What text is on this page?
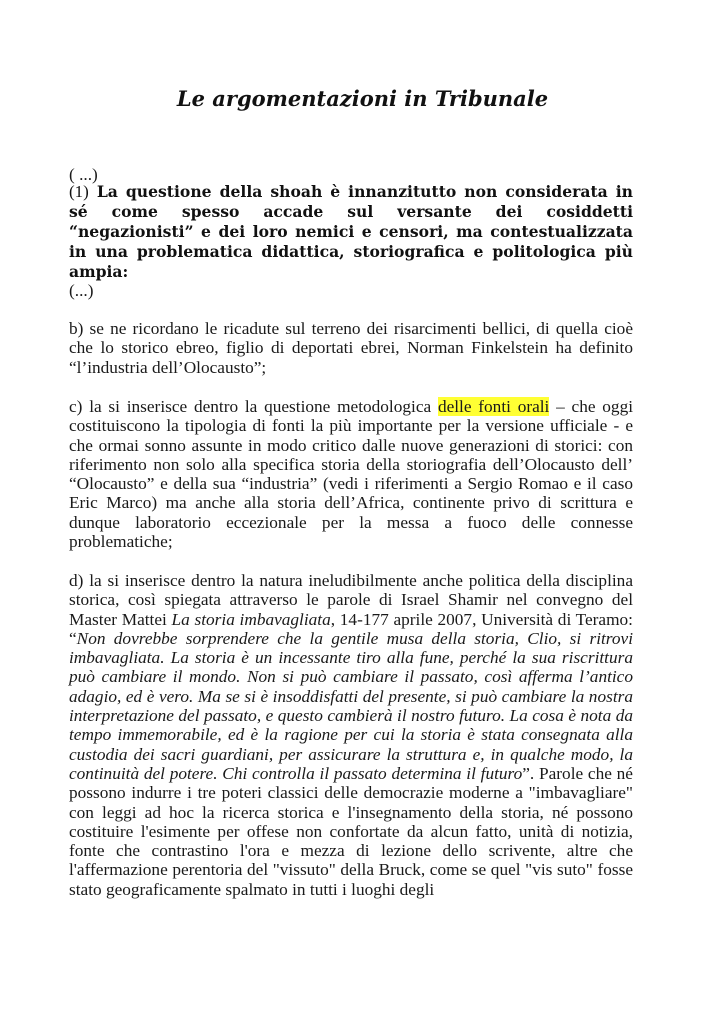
Le argomentazioni in Tribunale
( ...)
(1) La questione della shoah è innanzitutto non considerata in sé come spesso accade sul versante dei cosiddetti “negazionisti” e dei loro nemici e censori, ma contestualizzata in una problematica didattica, storiografica e politologica più ampia:
(...)
b) se ne ricordano le ricadute sul terreno dei risarcimenti bellici, di quella cioè che lo storico ebreo, figlio di deportati ebrei, Norman Finkelstein ha definito “l’industria dell’Olocausto”;
c) la si inserisce dentro la questione metodologica delle fonti orali – che oggi costituiscono la tipologia di fonti la più importante per la versione ufficiale - e che ormai sonno assunte in modo critico dalle nuove generazioni di storici: con riferimento non solo alla specifica storia della storiografia dell’Olocausto dell’ “Olocausto” e della sua “industria” (vedi i riferimenti a Sergio Romao e il caso Eric Marco) ma anche alla storia dell’Africa, continente privo di scrittura e dunque laboratorio eccezionale per la messa a fuoco delle connesse problematiche;
d) la si inserisce dentro la natura ineludibilmente anche politica della disciplina storica, così spiegata attraverso le parole di Israel Shamir nel convegno del Master Mattei La storia imbavagliata, 14-177 aprile 2007, Università di Teramo: “Non dovrebbe sorprendere che la gentile musa della storia, Clio, si ritrovi imbavagliata. La storia è un incessante tiro alla fune, perché la sua riscrittura può cambiare il mondo. Non si può cambiare il passato, così afferma l’antico adagio, ed è vero. Ma se si è insoddisfatti del presente, si può cambiare la nostra interpretazione del passato, e questo cambierà il nostro futuro. La cosa è nota da tempo immemorabile, ed è la ragione per cui la storia è stata consegnata alla custodia dei sacri guardiani, per assicurare la struttura e, in qualche modo, la continuità del potere. Chi controlla il passato determina il futuro”. Parole che né possono indurre i tre poteri classici delle democrazie moderne a "imbavagliare" con leggi ad hoc la ricerca storica e l'insegnamento della storia, né possono costituire l'esimente per offese non confortate da alcun fatto, unità di notizia, fonte che contrastino l'ora e mezza di lezione dello scrivente, altre che l'affermazione perentoria del "vissuto" della Bruck, come se quel "vis suto" fosse stato geograficamente spalmato in tutti i luoghi degli
